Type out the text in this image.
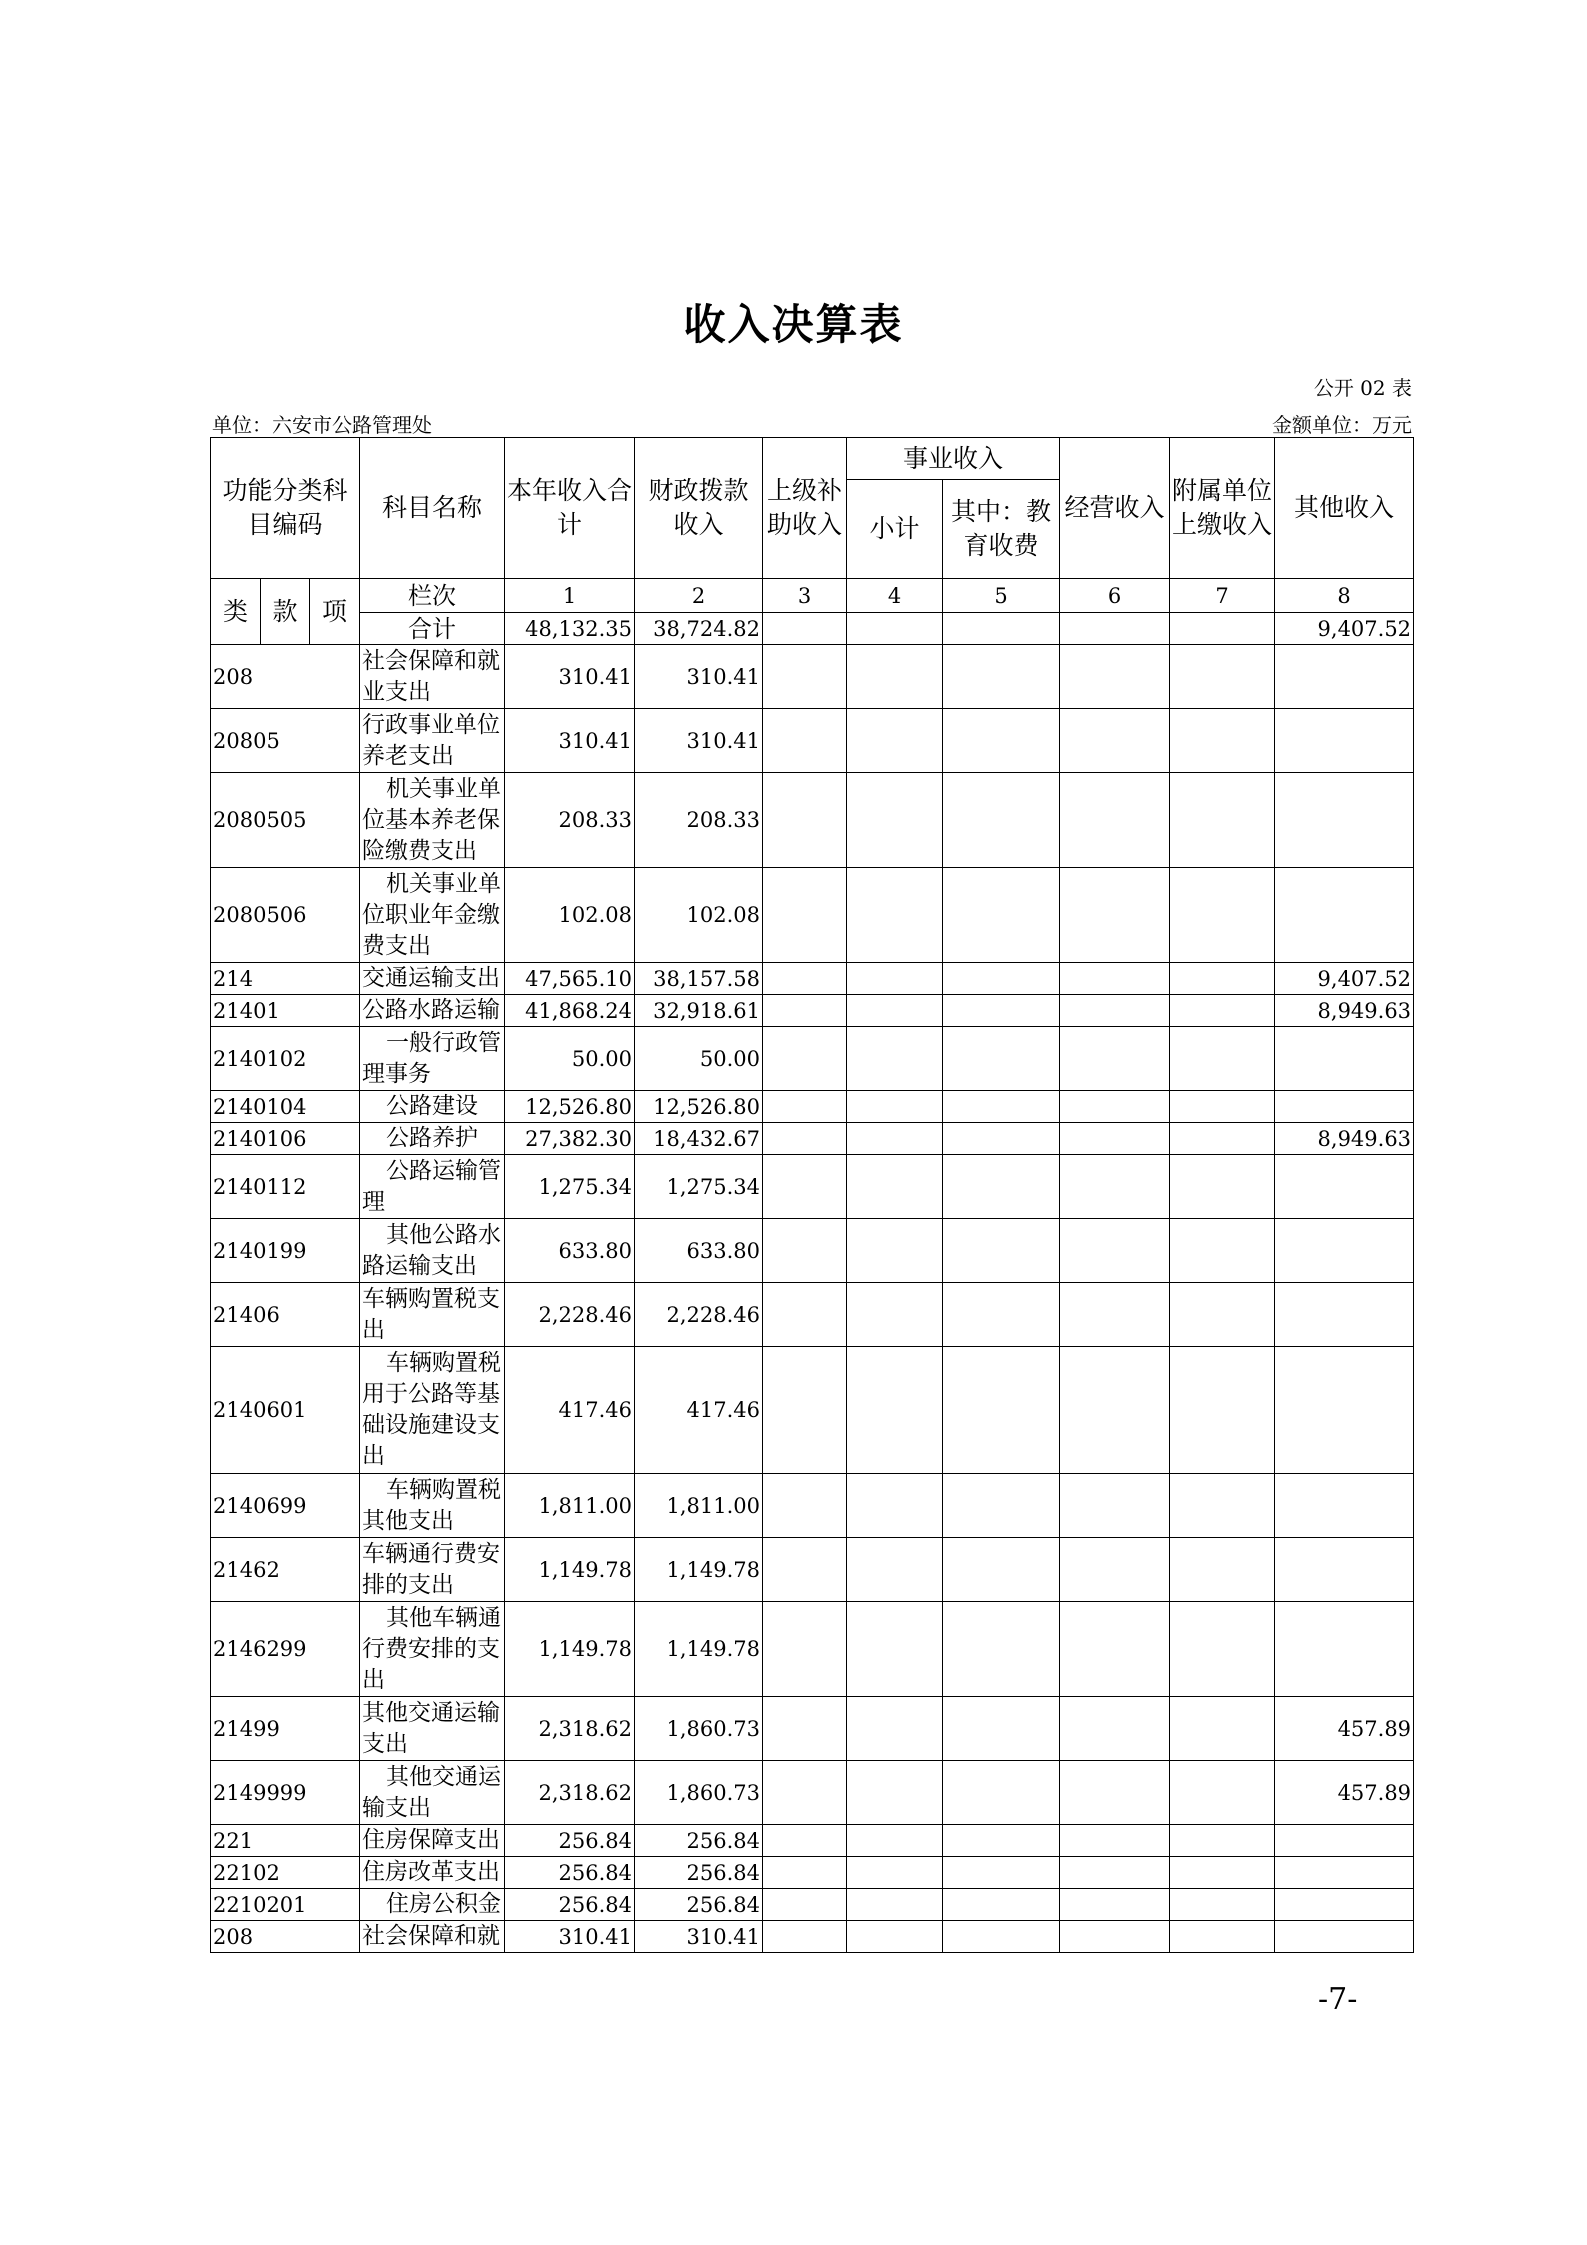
收入决算表
公开 02 表
单位：六安市公路管理处	金额单位：万元
功能分类科目编码			科目名称	本年收入合计	财政拨款收入	上级补助收入	事业收入		经营收入	附属单位上缴收入	其他收入
							小计	其中：教育收费			
类	款	项	栏次	1	2	3	4	5	6	7	8
			合计	48,132.35	38,724.82						9,407.52
208			社会保障和就业支出	310.41	310.41						
20805			行政事业单位养老支出	310.41	310.41						
2080505			机关事业单位基本养老保险缴费支出	208.33	208.33						
2080506			机关事业单位职业年金缴费支出	102.08	102.08						
214			交通运输支出	47,565.10	38,157.58						9,407.52
21401			公路水路运输	41,868.24	32,918.61						8,949.63
2140102			一般行政管理事务	50.00	50.00						
2140104			公路建设	12,526.80	12,526.80						
2140106			公路养护	27,382.30	18,432.67						8,949.63
2140112			公路运输管理	1,275.34	1,275.34						
2140199			其他公路水路运输支出	633.80	633.80						
21406			车辆购置税支出	2,228.46	2,228.46						
2140601			车辆购置税用于公路等基础设施建设支出	417.46	417.46						
2140699			车辆购置税其他支出	1,811.00	1,811.00						
21462			车辆通行费安排的支出	1,149.78	1,149.78						
2146299			其他车辆通行费安排的支出	1,149.78	1,149.78						
21499			其他交通运输支出	2,318.62	1,860.73						457.89
2149999			其他交通运输支出	2,318.62	1,860.73						457.89
221			住房保障支出	256.84	256.84						
22102			住房改革支出	256.84	256.84						
2210201			住房公积金	256.84	256.84						
208			社会保障和就	310.41	310.41						
-7-
